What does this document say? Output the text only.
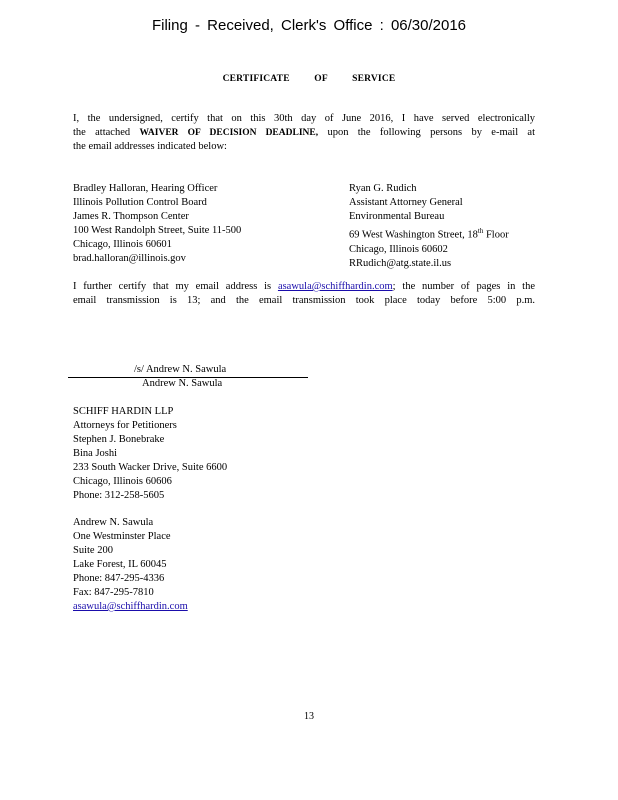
Filing - Received, Clerk's Office : 06/30/2016
CERTIFICATE OF SERVICE
I, the undersigned, certify that on this 30th day of June 2016, I have served electronically
the attached WAIVER OF DECISION DEADLINE, upon the following persons by e-mail at
the email addresses indicated below:
Bradley Halloran, Hearing Officer
Illinois Pollution Control Board
James R. Thompson Center
100 West Randolph Street, Suite 11-500
Chicago, Illinois 60601
brad.halloran@illinois.gov
Ryan G. Rudich
Assistant Attorney General
Environmental Bureau
69 West Washington Street, 18th Floor
Chicago, Illinois 60602
RRudich@atg.state.il.us
I further certify that my email address is asawula@schiffhardin.com; the number of pages in the
email transmission is 13; and the email transmission took place today before 5:00 p.m.
/s/ Andrew N. Sawula
Andrew N. Sawula
SCHIFF HARDIN LLP
Attorneys for Petitioners
Stephen J. Bonebrake
Bina Joshi
233 South Wacker Drive, Suite 6600
Chicago, Illinois 60606
Phone: 312-258-5605
Andrew N. Sawula
One Westminster Place
Suite 200
Lake Forest, IL 60045
Phone: 847-295-4336
Fax: 847-295-7810
asawula@schiffhardin.com
13
